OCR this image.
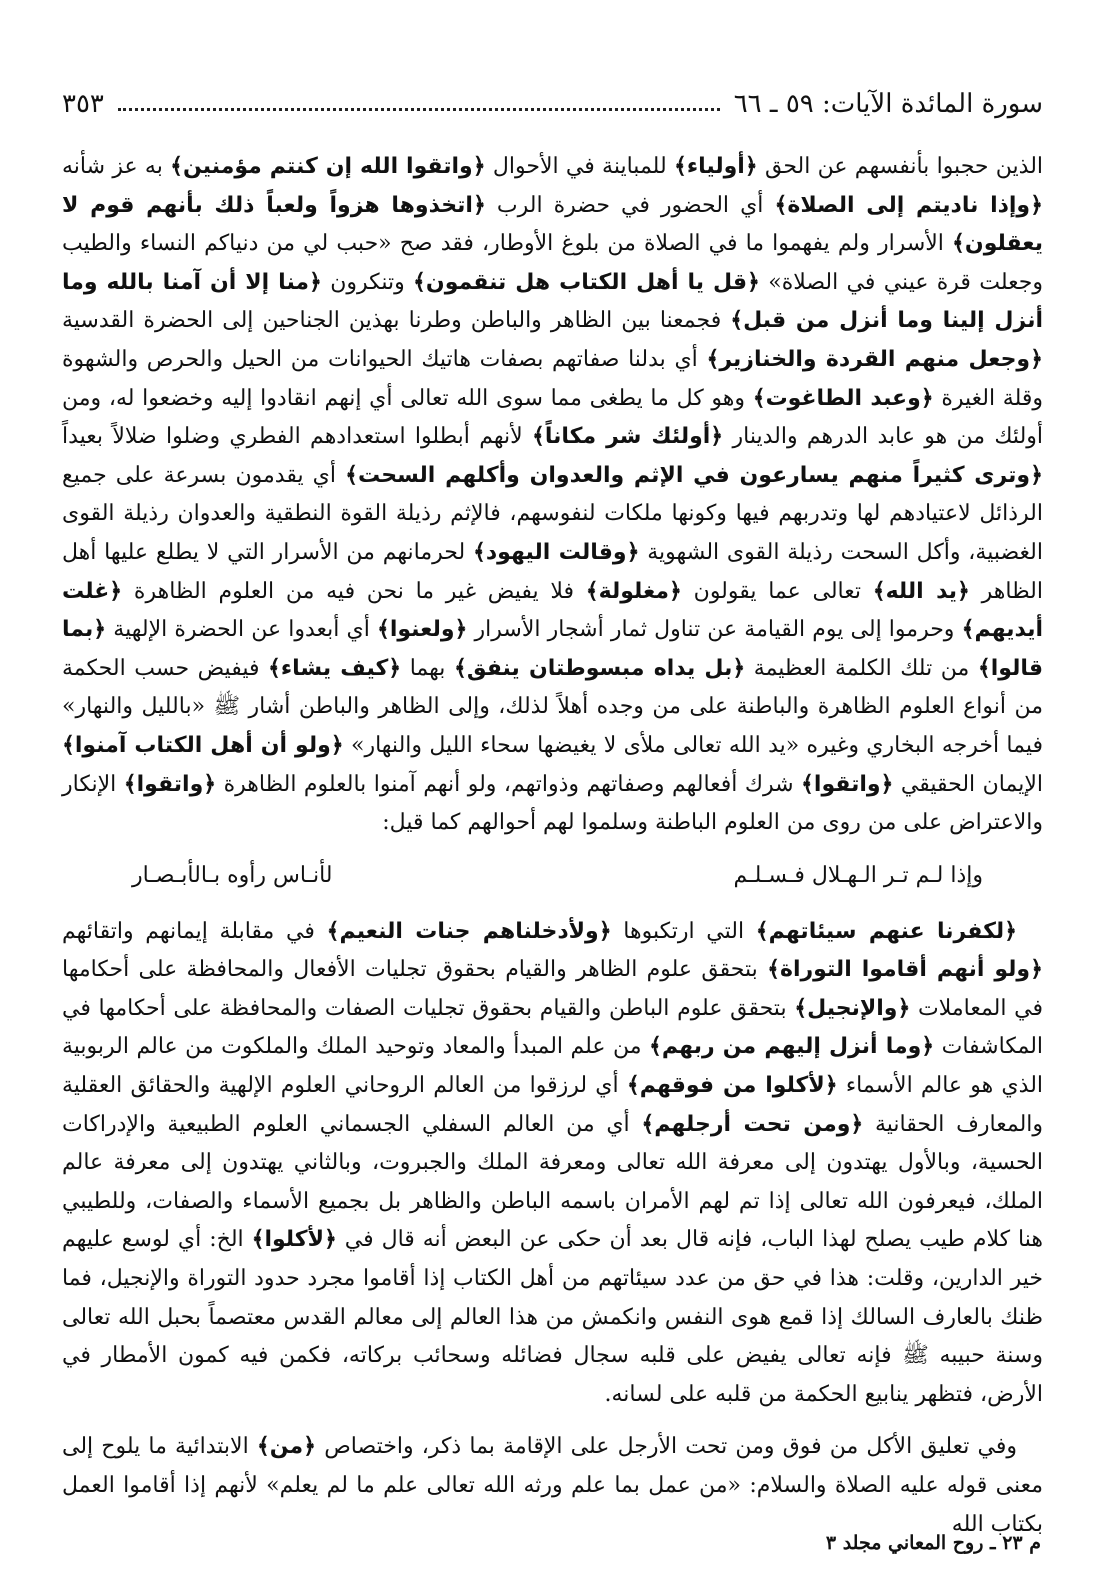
سورة المائدة الآيات: ٥٩ ـ ٦٦
٣٥٣

الذين حجبوا بأنفسهم عن الحق ﴿أولياء﴾ للمباينة في الأحوال ﴿واتقوا الله إن كنتم مؤمنين﴾ به عز شأنه ﴿وإذا ناديتم إلى الصلاة﴾ أي الحضور في حضرة الرب ﴿اتخذوها هزواً ولعباً ذلك بأنهم قوم لا يعقلون﴾ الأسرار ولم يفهموا ما في الصلاة من بلوغ الأوطار، فقد صح «حبب لي من دنياكم النساء والطيب وجعلت قرة عيني في الصلاة» ﴿قل يا أهل الكتاب هل تنقمون﴾ وتنكرون ﴿منا إلا أن آمنا بالله وما أنزل إلينا وما أنزل من قبل﴾ فجمعنا بين الظاهر والباطن وطرنا بهذين الجناحين إلى الحضرة القدسية ﴿وجعل منهم القردة والخنازير﴾ أي بدلنا صفاتهم بصفات هاتيك الحيوانات من الحيل والحرص والشهوة وقلة الغيرة ﴿وعبد الطاغوت﴾ وهو كل ما يطغى مما سوى الله تعالى أي إنهم انقادوا إليه وخضعوا له، ومن أولئك من هو عابد الدرهم والدينار ﴿أولئك شر مكاناً﴾ لأنهم أبطلوا استعدادهم الفطري وضلوا ضلالاً بعيداً ﴿وترى كثيراً منهم يسارعون في الإثم والعدوان وأكلهم السحت﴾ أي يقدمون بسرعة على جميع الرذائل لاعتيادهم لها وتدربهم فيها وكونها ملكات لنفوسهم، فالإثم رذيلة القوة النطقية والعدوان رذيلة القوى الغضبية، وأكل السحت رذيلة القوى الشهوية ﴿وقالت اليهود﴾ لحرمانهم من الأسرار التي لا يطلع عليها أهل الظاهر ﴿يد الله﴾ تعالى عما يقولون ﴿مغلولة﴾ فلا يفيض غير ما نحن فيه من العلوم الظاهرة ﴿غلت أيديهم﴾ وحرموا إلى يوم القيامة عن تناول ثمار أشجار الأسرار ﴿ولعنوا﴾ أي أبعدوا عن الحضرة الإلهية ﴿بما قالوا﴾ من تلك الكلمة العظيمة ﴿بل يداه مبسوطتان ينفق﴾ بهما ﴿كيف يشاء﴾ فيفيض حسب الحكمة من أنواع العلوم الظاهرة والباطنة على من وجده أهلاً لذلك، وإلى الظاهر والباطن أشار ﷺ «بالليل والنهار» فيما أخرجه البخاري وغيره «يد الله تعالى ملأى لا يغيضها سحاء الليل والنهار» ﴿ولو أن أهل الكتاب آمنوا﴾ الإيمان الحقيقي ﴿واتقوا﴾ شرك أفعالهم وصفاتهم وذواتهم، ولو أنهم آمنوا بالعلوم الظاهرة ﴿واتقوا﴾ الإنكار والاعتراض على من روى من العلوم الباطنة وسلموا لهم أحوالهم كما قيل:

وإذا لـم تـر الـهـلال فـسـلـم
لأنـاس رأوه بـالأبـصـار

﴿لكفرنا عنهم سيئاتهم﴾ التي ارتكبوها ﴿ولأدخلناهم جنات النعيم﴾ في مقابلة إيمانهم واتقائهم ﴿ولو أنهم أقاموا التوراة﴾ بتحقق علوم الظاهر والقيام بحقوق تجليات الأفعال والمحافظة على أحكامها في المعاملات ﴿والإنجيل﴾ بتحقق علوم الباطن والقيام بحقوق تجليات الصفات والمحافظة على أحكامها في المكاشفات ﴿وما أنزل إليهم من ربهم﴾ من علم المبدأ والمعاد وتوحيد الملك والملكوت من عالم الربوبية الذي هو عالم الأسماء ﴿لأكلوا من فوقهم﴾ أي لرزقوا من العالم الروحاني العلوم الإلهية والحقائق العقلية والمعارف الحقانية ﴿ومن تحت أرجلهم﴾ أي من العالم السفلي الجسماني العلوم الطبيعية والإدراكات الحسية، وبالأول يهتدون إلى معرفة الله تعالى ومعرفة الملك والجبروت، وبالثاني يهتدون إلى معرفة عالم الملك، فيعرفون الله تعالى إذا تم لهم الأمران باسمه الباطن والظاهر بل بجميع الأسماء والصفات، وللطيبي هنا كلام طيب يصلح لهذا الباب، فإنه قال بعد أن حكى عن البعض أنه قال في ﴿لأكلوا﴾ الخ: أي لوسع عليهم خير الدارين، وقلت: هذا في حق من عدد سيئاتهم من أهل الكتاب إذا أقاموا مجرد حدود التوراة والإنجيل، فما ظنك بالعارف السالك إذا قمع هوى النفس وانكمش من هذا العالم إلى معالم القدس معتصماً بحبل الله تعالى وسنة حبيبه ﷺ فإنه تعالى يفيض على قلبه سجال فضائله وسحائب بركاته، فكمن فيه كمون الأمطار في الأرض، فتظهر ينابيع الحكمة من قلبه على لسانه.

وفي تعليق الأكل من فوق ومن تحت الأرجل على الإقامة بما ذكر، واختصاص ﴿من﴾ الابتدائية ما يلوح إلى معنى قوله عليه الصلاة والسلام: «من عمل بما علم ورثه الله تعالى علم ما لم يعلم» لأنهم إذا أقاموا العمل بكتاب الله

م ٢٣ ـ روح المعاني مجلد ٣
